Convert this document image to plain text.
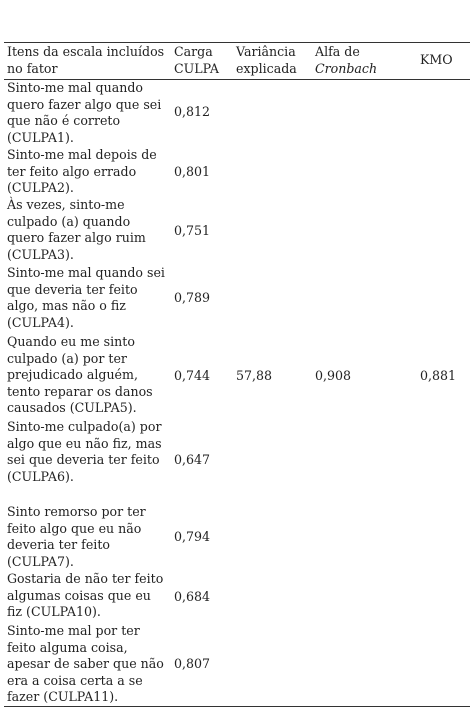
Itens da escala incluídos no fator
Carga
CULPA
Variância
explicada
Alfa de
Cronbach
KMO
Sinto-me mal quando quero fazer algo que sei que não é correto (CULPA1).
0,812
Sinto-me mal depois de ter feito algo errado (CULPA2).
0,801
Às vezes, sinto-me culpado (a) quando quero fazer algo ruim (CULPA3).
0,751
Sinto-me mal quando sei que deveria ter feito algo, mas não o fiz (CULPA4).
0,789
Quando eu me sinto culpado (a) por ter prejudicado alguém, tento reparar os danos causados (CULPA5).
0,744 57,88	0,908	0,881
Sinto-me culpado(a) por algo que eu não fiz, mas sei que deveria ter feito (CULPA6).
0,647
Sinto remorso por ter feito algo que eu não deveria ter feito (CULPA7).
0,794
Gostaria de não ter feito algumas coisas que eu fiz (CULPA10).
0,684
Sinto-me mal por ter feito alguma coisa, apesar de saber que não era a coisa certa a se fazer (CULPA11).
0,807
